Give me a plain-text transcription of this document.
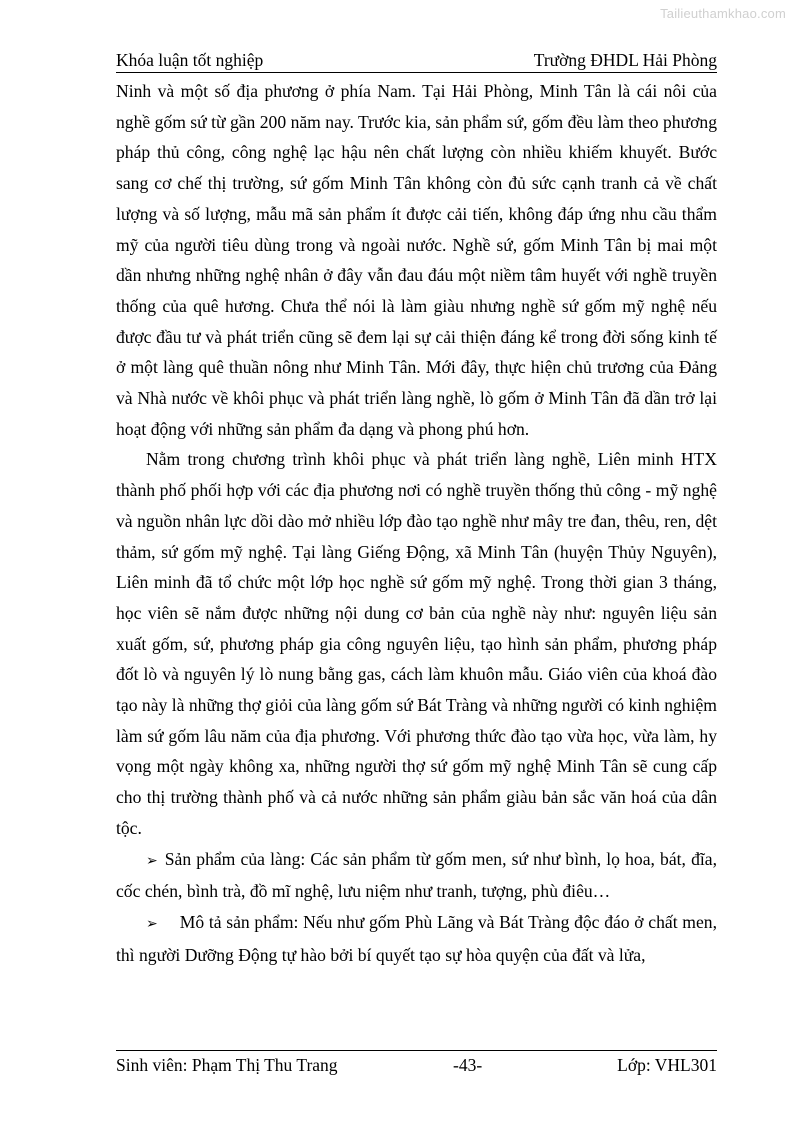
Tailieuthamkhao.com
Khóa luận tốt nghiệp	Trường ĐHDL Hải Phòng

Ninh và một số địa phương ở phía Nam. Tại Hải Phòng, Minh Tân là cái nôi của nghề gốm sứ từ gần 200 năm nay. Trước kia, sản phẩm sứ, gốm đều làm theo phương pháp thủ công, công nghệ lạc hậu nên chất lượng còn nhiều khiếm khuyết. Bước sang cơ chế thị trường, sứ gốm Minh Tân không còn đủ sức cạnh tranh cả về chất lượng và số lượng, mẫu mã sản phẩm ít được cải tiến, không đáp ứng nhu cầu thẩm mỹ của người tiêu dùng trong và ngoài nước. Nghề sứ, gốm Minh Tân bị mai một dần nhưng những nghệ nhân ở đây vẫn đau đáu một niềm tâm huyết với nghề truyền thống của quê hương. Chưa thể nói là làm giàu nhưng nghề sứ gốm mỹ nghệ nếu được đầu tư và phát triển cũng sẽ đem lại sự cải thiện đáng kể trong đời sống kinh tế ở một làng quê thuần nông như Minh Tân. Mới đây, thực hiện chủ trương của Đảng và Nhà nước về khôi phục và phát triển làng nghề, lò gốm ở Minh Tân đã dần trở lại hoạt động với những sản phẩm đa dạng và phong phú hơn.

Nằm trong chương trình khôi phục và phát triển làng nghề, Liên minh HTX thành phố phối hợp với các địa phương nơi có nghề truyền thống thủ công - mỹ nghệ và nguồn nhân lực dồi dào mở nhiều lớp đào tạo nghề như mây tre đan, thêu, ren, dệt thảm, sứ gốm mỹ nghệ. Tại làng Giếng Động, xã Minh Tân (huyện Thủy Nguyên), Liên minh đã tổ chức một lớp học nghề sứ gốm mỹ nghệ. Trong thời gian 3 tháng, học viên sẽ nắm được những nội dung cơ bản của nghề này như: nguyên liệu sản xuất gốm, sứ, phương pháp gia công nguyên liệu, tạo hình sản phẩm, phương pháp đốt lò và nguyên lý lò nung bằng gas, cách làm khuôn mẫu. Giáo viên của khoá đào tạo này là những thợ giỏi của làng gốm sứ Bát Tràng và những người có kinh nghiệm làm sứ gốm lâu năm của địa phương. Với phương thức đào tạo vừa học, vừa làm, hy vọng một ngày không xa, những người thợ sứ gốm mỹ nghệ Minh Tân sẽ cung cấp cho thị trường thành phố và cả nước những sản phẩm giàu bản sắc văn hoá của dân tộc.

➢ Sản phẩm của làng: Các sản phẩm từ gốm men, sứ như bình, lọ hoa, bát, đĩa, cốc chén, bình trà, đồ mĩ nghệ, lưu niệm như tranh, tượng, phù điêu…

➢ Mô tả sản phẩm: Nếu như gốm Phù Lãng và Bát Tràng độc đáo ở chất men, thì người Dưỡng Động tự hào bởi bí quyết tạo sự hòa quyện của đất và lửa,

Sinh viên: Phạm Thị Thu Trang	-43-	Lớp: VHL301
